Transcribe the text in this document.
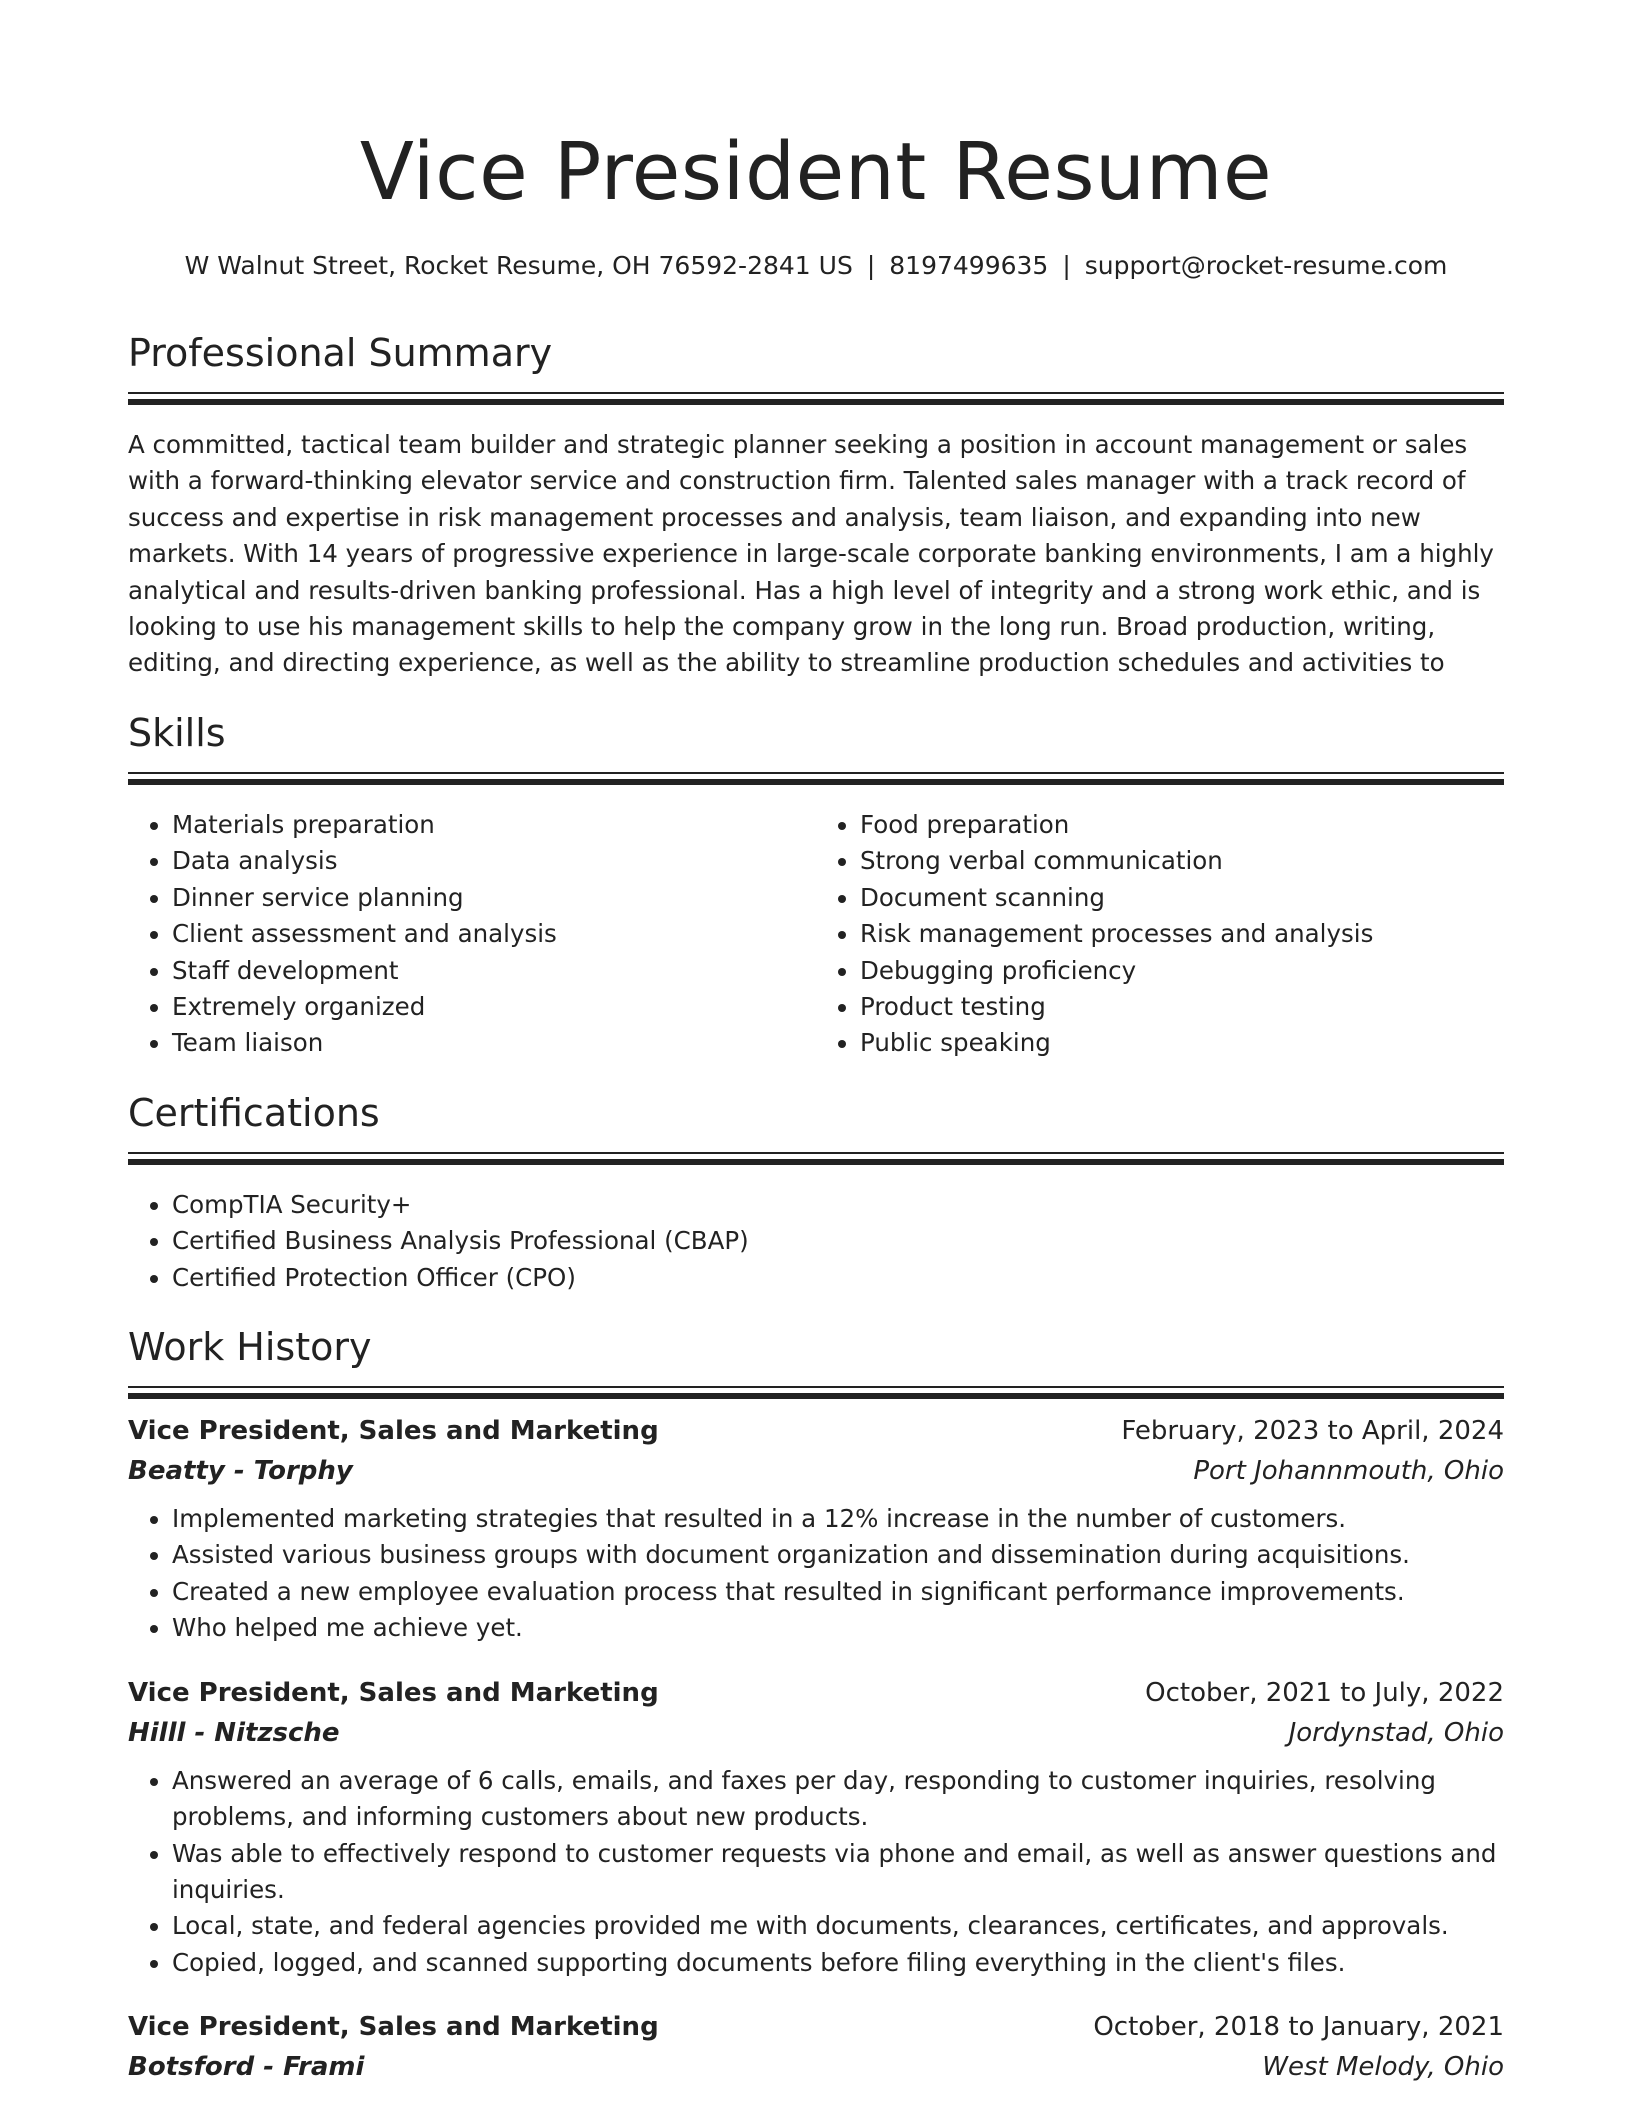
Vice President Resume
W Walnut Street, Rocket Resume, OH 76592-2841 US | 8197499635 | support@rocket-resume.com
Professional Summary

A committed, tactical team builder and strategic planner seeking a position in account management or sales with a forward-thinking elevator service and construction firm. Talented sales manager with a track record of success and expertise in risk management processes and analysis, team liaison, and expanding into new markets. With 14 years of progressive experience in large-scale corporate banking environments, I am a highly analytical and results-driven banking professional. Has a high level of integrity and a strong work ethic, and is looking to use his management skills to help the company grow in the long run. Broad production, writing, editing, and directing experience, as well as the ability to streamline production schedules and activities to

Skills
• Materials preparation
• Data analysis
• Dinner service planning
• Client assessment and analysis
• Staff development
• Extremely organized
• Team liaison
• Food preparation
• Strong verbal communication
• Document scanning
• Risk management processes and analysis
• Debugging proficiency
• Product testing
• Public speaking
Certifications
• CompTIA Security+
• Certified Business Analysis Professional (CBAP)
• Certified Protection Officer (CPO)
Work History
Vice President, Sales and Marketing	February, 2023 to April, 2024
Beatty - Torphy	Port Johannmouth, Ohio
• Implemented marketing strategies that resulted in a 12% increase in the number of customers.
• Assisted various business groups with document organization and dissemination during acquisitions.
• Created a new employee evaluation process that resulted in significant performance improvements.
• Who helped me achieve yet.
Vice President, Sales and Marketing	October, 2021 to July, 2022
Hilll - Nitzsche	Jordynstad, Ohio
• Answered an average of 6 calls, emails, and faxes per day, responding to customer inquiries, resolving problems, and informing customers about new products.
• Was able to effectively respond to customer requests via phone and email, as well as answer questions and inquiries.
• Local, state, and federal agencies provided me with documents, clearances, certificates, and approvals.
• Copied, logged, and scanned supporting documents before filing everything in the client's files.
Vice President, Sales and Marketing	October, 2018 to January, 2021
Botsford - Frami	West Melody, Ohio
